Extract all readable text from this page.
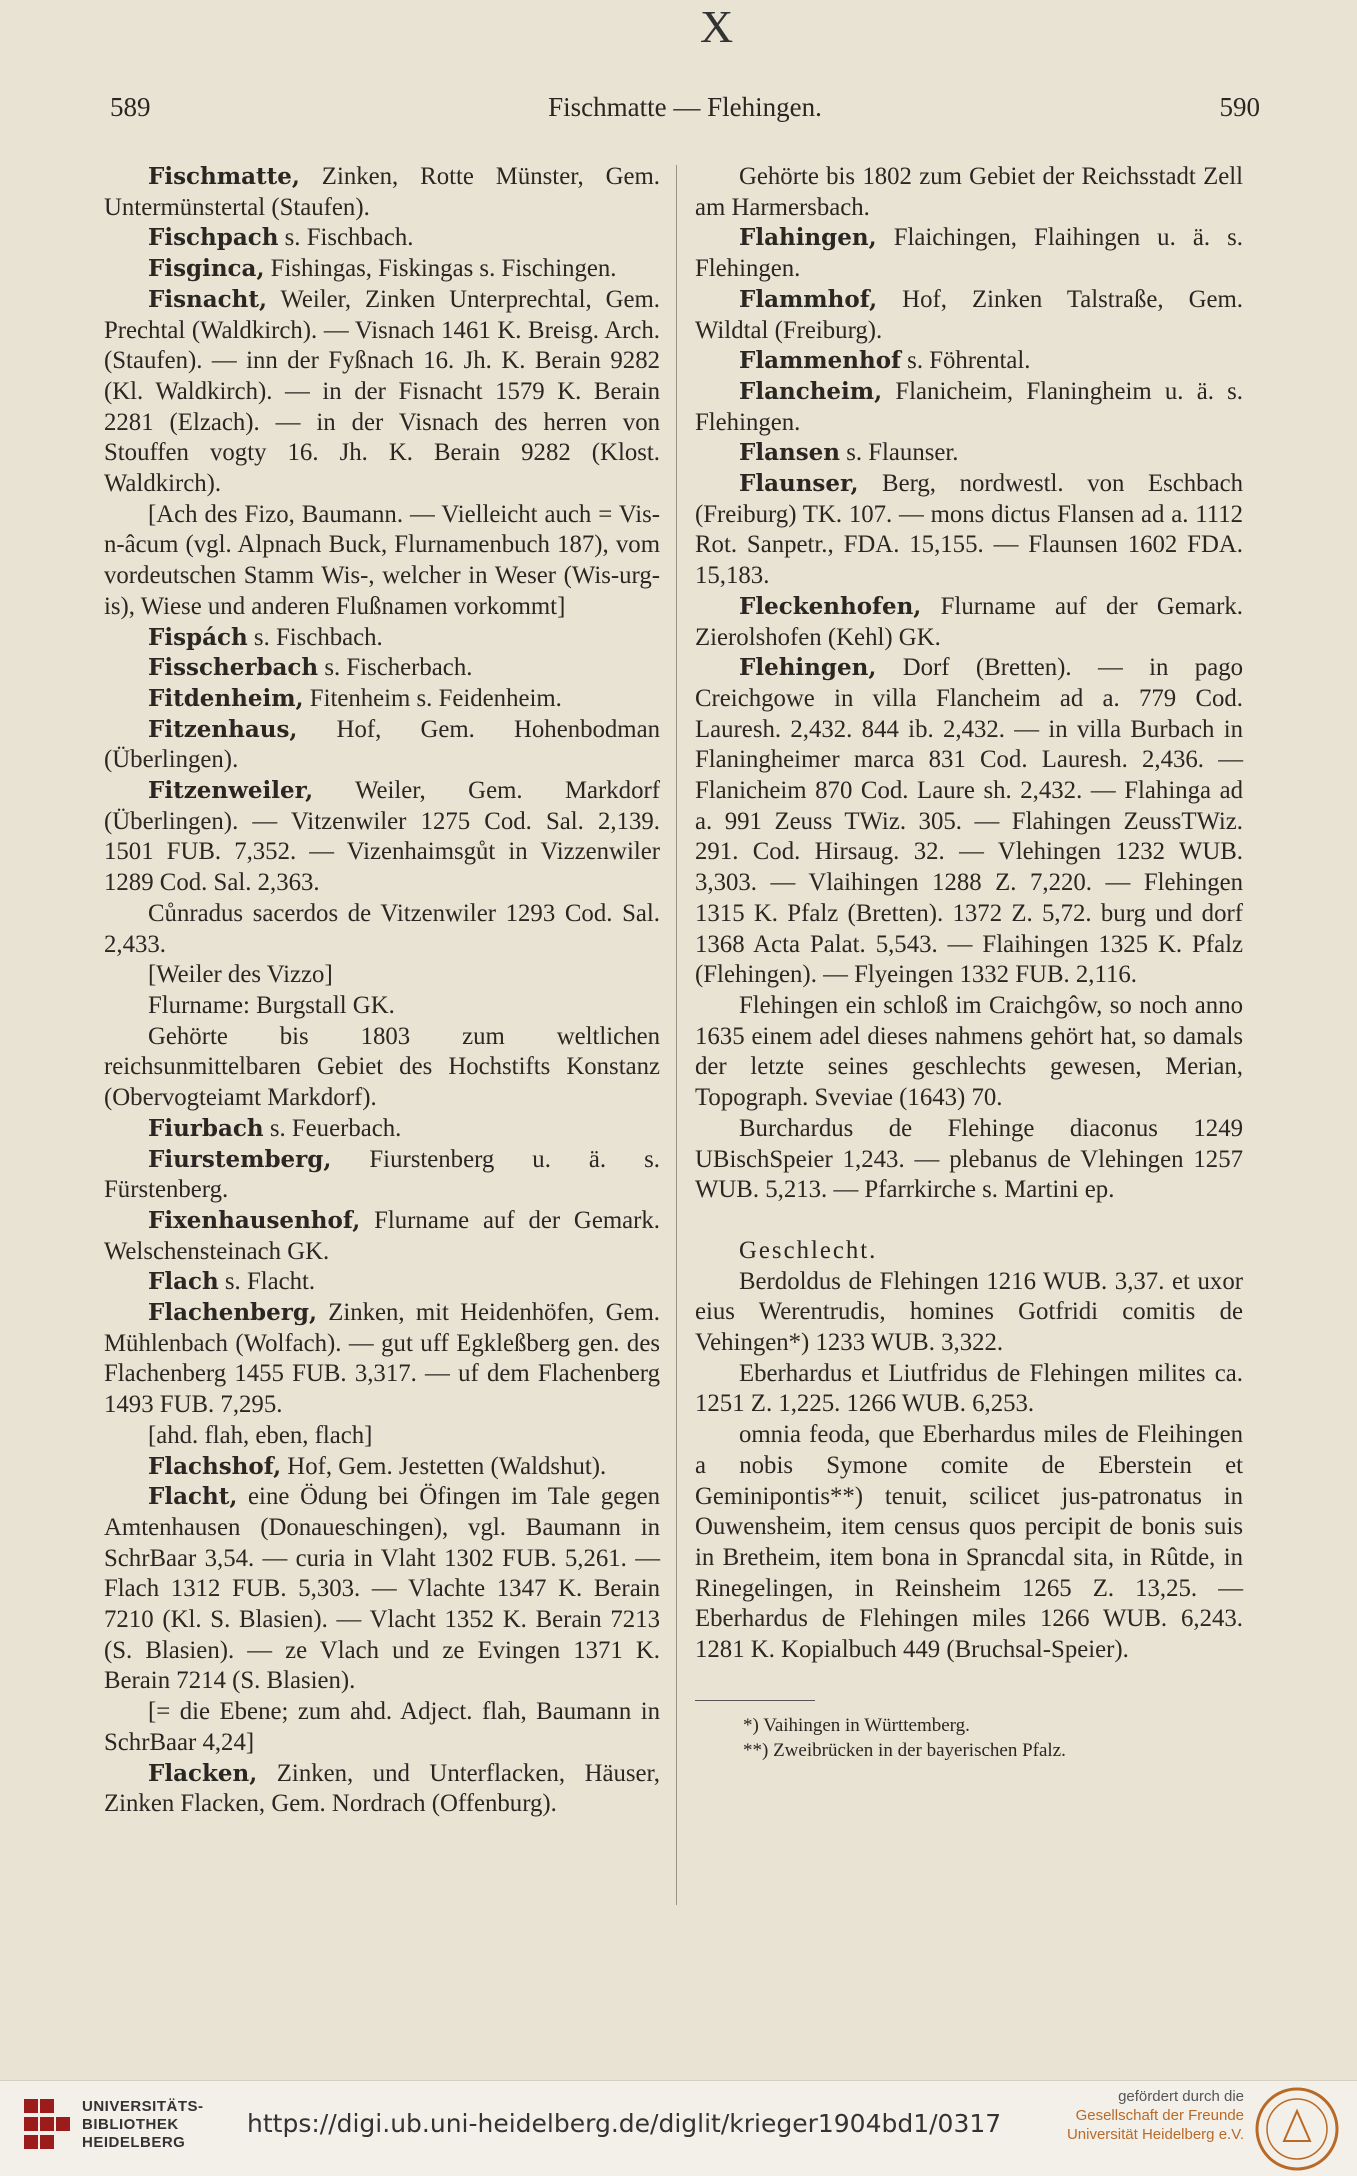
X
589	Fischmatte — Flehingen.	590

Fischmatte, Zinken, Rotte Münster, Gem. Untermünstertal (Staufen).

Fischpach s. Fischbach.

Fisginca, Fishingas, Fiskingas s. Fischingen.

Fisnacht, Weiler, Zinken Unterprechtal, Gem. Prechtal (Waldkirch). — Visnach 1461 K. Breisg. Arch. (Staufen). — inn der Fyßnach 16. Jh. K. Berain 9282 (Kl. Waldkirch). — in der Fisnacht 1579 K. Berain 2281 (Elzach). — in der Visnach des herren von Stouffen vogty 16. Jh. K. Berain 9282 (Klost. Waldkirch).

[Ach des Fizo, Baumann. — Vielleicht auch = Vis-n-âcum (vgl. Alpnach Buck, Flurnamenbuch 187), vom vordeutschen Stamm Wis-, welcher in Weser (Wis-urg-is), Wiese und anderen Flußnamen vorkommt]

Fispách s. Fischbach.

Fisscherbach s. Fischerbach.

Fitdenheim, Fitenheim s. Feidenheim.

Fitzenhaus, Hof, Gem. Hohenbodman (Überlingen).

Fitzenweiler, Weiler, Gem. Markdorf (Überlingen). — Vitzenwiler 1275 Cod. Sal. 2,139. 1501 FUB. 7,352. — Vizenhaimsgůt in Vizzenwiler 1289 Cod. Sal. 2,363.

Cůnradus sacerdos de Vitzenwiler 1293 Cod. Sal. 2,433.

[Weiler des Vizzo]

Flurname: Burgstall GK.

Gehörte bis 1803 zum weltlichen reichsunmittelbaren Gebiet des Hochstifts Konstanz (Obervogteiamt Markdorf).

Fiurbach s. Feuerbach.

Fiurstemberg, Fiurstenberg u. ä. s. Fürstenberg.

Fixenhausenhof, Flurname auf der Gemark. Welschensteinach GK.

Flach s. Flacht.

Flachenberg, Zinken, mit Heidenhöfen, Gem. Mühlenbach (Wolfach). — gut uff Egkleßberg gen. des Flachenberg 1455 FUB. 3,317. — uf dem Flachenberg 1493 FUB. 7,295.

[ahd. flah, eben, flach]

Flachshof, Hof, Gem. Jestetten (Waldshut).

Flacht, eine Ödung bei Öfingen im Tale gegen Amtenhausen (Donaueschingen), vgl. Baumann in SchrBaar 3,54. — curia in Vlaht 1302 FUB. 5,261. — Flach 1312 FUB. 5,303. — Vlachte 1347 K. Berain 7210 (Kl. S. Blasien). — Vlacht 1352 K. Berain 7213 (S. Blasien). — ze Vlach und ze Evingen 1371 K. Berain 7214 (S. Blasien).

[= die Ebene; zum ahd. Adject. flah, Baumann in SchrBaar 4,24]

Flacken, Zinken, und Unterflacken, Häuser, Zinken Flacken, Gem. Nordrach (Offenburg).

Gehörte bis 1802 zum Gebiet der Reichsstadt Zell am Harmersbach.

Flahingen, Flaichingen, Flaihingen u. ä. s. Flehingen.

Flammhof, Hof, Zinken Talstraße, Gem. Wildtal (Freiburg).

Flammenhof s. Föhrental.

Flancheim, Flanicheim, Flaningheim u. ä. s. Flehingen.

Flansen s. Flaunser.

Flaunser, Berg, nordwestl. von Eschbach (Freiburg) TK. 107. — mons dictus Flansen ad a. 1112 Rot. Sanpetr., FDA. 15,155. — Flaunsen 1602 FDA. 15,183.

Fleckenhofen, Flurname auf der Gemark. Zierolshofen (Kehl) GK.

Flehingen, Dorf (Bretten). — in pago Creichgowe in villa Flancheim ad a. 779 Cod. Lauresh. 2,432. 844 ib. 2,432. — in villa Burbach in Flaningheimer marca 831 Cod. Lauresh. 2,436. — Flanicheim 870 Cod. Laure sh. 2,432. — Flahinga ad a. 991 Zeuss TWiz. 305. — Flahingen ZeussTWiz. 291. Cod. Hirsaug. 32. — Vlehingen 1232 WUB. 3,303. — Vlaihingen 1288 Z. 7,220. — Flehingen 1315 K. Pfalz (Bretten). 1372 Z. 5,72. burg und dorf 1368 Acta Palat. 5,543. — Flaihingen 1325 K. Pfalz (Flehingen). — Flyeingen 1332 FUB. 2,116.

Flehingen ein schloß im Craichgôw, so noch anno 1635 einem adel dieses nahmens gehört hat, so damals der letzte seines geschlechts gewesen, Merian, Topograph. Sveviae (1643) 70.

Burchardus de Flehinge diaconus 1249 UBischSpeier 1,243. — plebanus de Vlehingen 1257 WUB. 5,213. — Pfarrkirche s. Martini ep.

Geschlecht.

Berdoldus de Flehingen 1216 WUB. 3,37. et uxor eius Werentrudis, homines Gotfridi comitis de Vehingen*) 1233 WUB. 3,322.

Eberhardus et Liutfridus de Flehingen milites ca. 1251 Z. 1,225. 1266 WUB. 6,253.

omnia feoda, que Eberhardus miles de Fleihingen a nobis Symone comite de Eberstein et Geminipontis**) tenuit, scilicet jus-patronatus in Ouwensheim, item census quos percipit de bonis suis in Bretheim, item bona in Sprancdal sita, in Rûtde, in Rinegelingen, in Reinsheim 1265 Z. 13,25. — Eberhardus de Flehingen miles 1266 WUB. 6,243. 1281 K. Kopialbuch 449 (Bruchsal-Speier).

*) Vaihingen in Württemberg.
**) Zweibrücken in der bayerischen Pfalz.
UNIVERSITÄTS-
BIBLIOTHEK
HEIDELBERG
https://digi.ub.uni-heidelberg.de/diglit/krieger1904bd1/0317
gefördert durch die
Gesellschaft der Freunde
Universität Heidelberg e.V.
